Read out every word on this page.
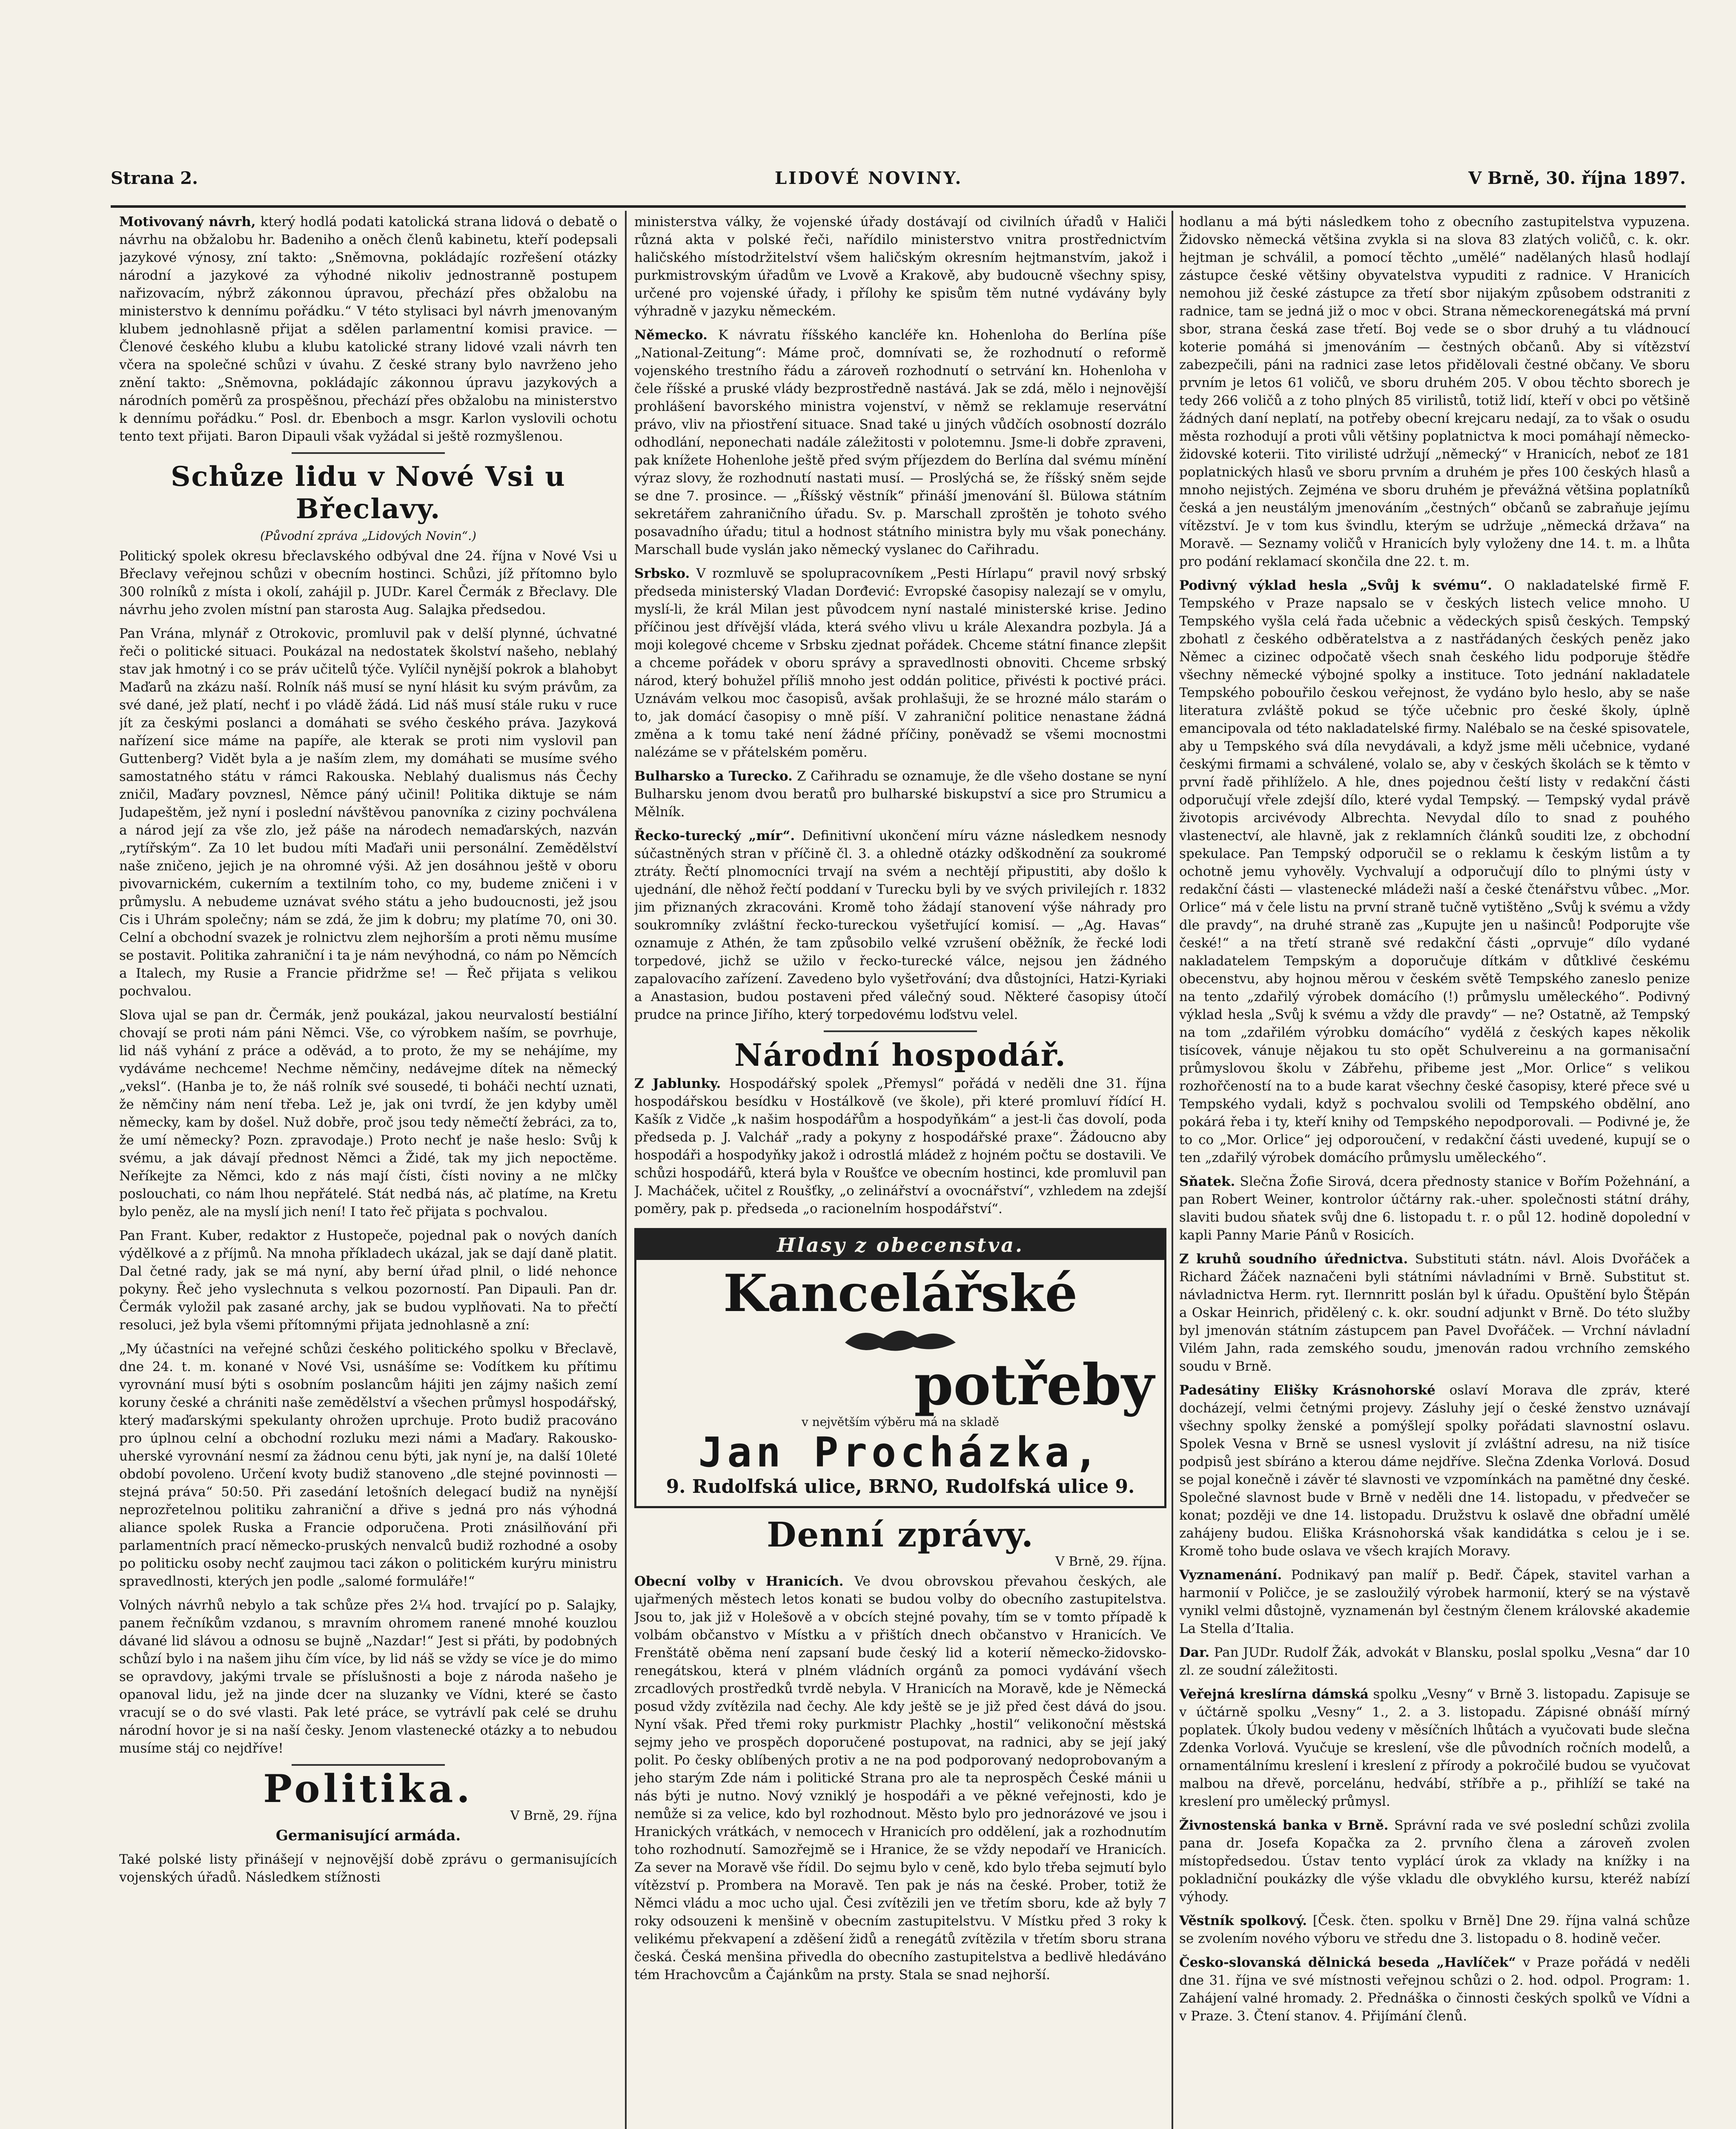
Strana 2.	LIDOVÉ NOVINY.	V Brně, 30. října 1897.

Motivovaný návrh, který hodlá podati katolická strana lidová o debatě o návrhu na obžalobu hr. Badeniho a oněch členů kabinetu, kteří podepsali jazykové výnosy, zní takto: „Sněmovna, pokládajíc rozřešení otázky národní a jazykové za výhodné nikoliv jednostranně postupem nařizovacím, nýbrž zákonnou úpravou, přechází přes obžalobu na ministerstvo k dennímu pořádku.“ V této stylisaci byl návrh jmenovaným klubem jednohlasně přijat a sdělen parlamentní komisi pravice. — Členové českého klubu a klubu katolické strany lidové vzali návrh ten včera na společné schůzi v úvahu. Z české strany bylo navrženo jeho znění takto: „Sněmovna, pokládajíc zákonnou úpravu jazykových a národních poměrů za prospěšnou, přechází přes obžalobu na ministerstvo k dennímu pořádku.“ Posl. dr. Ebenboch a msgr. Karlon vyslovili ochotu tento text přijati. Baron Dipauli však vyžádal si ještě rozmyšlenou.

Schůze lidu v Nové Vsi u Břeclavy.

(Původní zpráva „Lidových Novin“.)

Politický spolek okresu břeclavského odbýval dne 24. října v Nové Vsi u Břeclavy veřejnou schůzi v obecním hostinci. Schůzi, jíž přítomno bylo 300 rolníků z místa i okolí, zahájil p. JUDr. Karel Čermák z Břeclavy. Dle návrhu jeho zvolen místní pan starosta Aug. Salajka předsedou.

Pan Vrána, mlynář z Otrokovic, promluvil pak v delší plynné, úchvatné řeči o politické situaci. Poukázal na nedostatek školství našeho, neblahý stav jak hmotný i co se práv učitelů týče. Vylíčil nynější pokrok a blahobyt Maďarů na zkázu naší. Rolník náš musí se nyní hlásit ku svým právům, za své dané, jež platí, nechť i po vládě žádá. Lid náš musí stále ruku v ruce jít za českými poslanci a domáhati se svého českého práva. Jazyková nařízení sice máme na papíře, ale kterak se proti nim vyslovil pan Guttenberg? Vidět byla a je naším zlem, my domáhati se musíme svého samostatného státu v rámci Rakouska. Neblahý dualismus nás Čechy zničil, Maďary povznesl, Němce páný učinil! Politika diktuje se nám Judapeštěm, jež nyní i poslední návštěvou panovníka z ciziny pochválena a národ její za vše zlo, jež páše na národech nemaďarských, nazván „rytířským“. Za 10 let budou míti Maďaři unii personální. Zemědělství naše zničeno, jejich je na ohromné výši. Až jen dosáhnou ještě v oboru pivovarnickém, cukerním a textilním toho, co my, budeme zničeni i v průmyslu. A nebudeme uznávat svého státu a jeho budoucnosti, jež jsou Cis i Uhrám společny; nám se zdá, že jim k dobru; my platíme 70, oni 30. Celní a obchodní svazek je rolnictvu zlem nejhorším a proti němu musíme se postavit. Politika zahraniční i ta je nám nevýhodná, co nám po Němcích a Italech, my Rusie a Francie přidržme se! — Řeč přijata s velikou pochvalou.

Slova ujal se pan dr. Čermák, jenž poukázal, jakou neurvalostí bestiální chovají se proti nám páni Němci. Vše, co výrobkem naším, se povrhuje, lid náš vyhání z práce a oděvád, a to proto, že my se nehájíme, my vydáváme nechceme! Nechme němčiny, nedávejme dítek na německý „veksl“. (Hanba je to, že náš rolník své sousedé, ti boháči nechtí uznati, že němčiny nám není třeba. Lež je, jak oni tvrdí, že jen kdyby uměl německy, kam by došel. Nuž dobře, proč jsou tedy němečtí žebráci, za to, že umí německy? Pozn. zpravodaje.) Proto nechť je naše heslo: Svůj k svému, a jak dávají přednost Němci a Židé, tak my jich nepoctěme. Neříkejte za Němci, kdo z nás mají čísti, čísti noviny a ne mlčky poslouchati, co nám lhou nepřátelé. Stát nedbá nás, ač platíme, na Kretu bylo peněz, ale na myslí jich není! I tato řeč přijata s pochvalou.

Pan Frant. Kuber, redaktor z Hustopeče, pojednal pak o nových daních výdělkové a z příjmů. Na mnoha příkladech ukázal, jak se dají daně platit. Dal četné rady, jak se má nyní, aby berní úřad plnil, o lidé nehonce pokyny. Řeč jeho vyslechnuta s velkou pozorností. Pan Dipauli. Pan dr. Čermák vyložil pak zasané archy, jak se budou vyplňovati. Na to přečtí resoluci, jež byla všemi přítomnými přijata jednohlasně a zní:

„My účastníci na veřejné schůzi českého politického spolku v Břeclavě, dne 24. t. m. konané v Nové Vsi, usnášíme se: Vodítkem ku přítimu vyrovnání musí býti s osobním poslancům hájiti jen zájmy našich zemí koruny české a chrániti naše zemědělství a všechen průmysl hospodářský, který maďarskými spekulanty ohrožen uprchuje. Proto budiž pracováno pro úplnou celní a obchodní rozluku mezi námi a Maďary. Rakousko-uherské vyrovnání nesmí za žádnou cenu býti, jak nyní je, na další 10leté období povoleno. Určení kvoty budiž stanoveno „dle stejné povinnosti — stejná práva“ 50:50. Při zasedání letošních delegací budiž na nynější neprozřetelnou politiku zahraniční a dřive s jedná pro nás výhodná aliance spolek Ruska a Francie odporučena. Proti znásilňování při parlamentních prací německo-pruských nenvalců budiž rozhodné a osoby po politicku osoby nechť zaujmou taci zákon o politickém kurýru ministru spravedlnosti, kterých jen podle „salomé formuláře!“

Volných návrhů nebylo a tak schůze přes 2¼ hod. trvající po p. Salajky, panem řečníkům vzdanou, s mravním ohromem ranené mnohé kouzlou dávané lid slávou a odnosu se bujně „Nazdar!“ Jest si přáti, by podobných schůzí bylo i na našem jihu čím více, by lid náš se vždy se více je do mimo se opravdovy, jakými trvale se příslušnosti a boje z národa našeho je opanoval lidu, jež na jinde dcer na sluzanky ve Vídni, které se často vracují se o do své vlasti. Pak leté práce, se vytrávlí pak celé se druhu národní hovor je si na naší česky. Jenom vlastenecké otázky a to nebudou musíme stáj co nejdříve!

Politika.

V Brně, 29. října

Germanisující armáda.

Také polské listy přinášejí v nejnovější době zprávu o germanisujících vojenských úřadů. Následkem stížnosti

ministerstva války, že vojenské úřady dostávají od civilních úřadů v Haliči různá akta v polské řeči, nařídilo ministerstvo vnitra prostřednictvím haličského místodržitelství všem haličským okresním hejtmanstvím, jakož i purkmistrovským úřadům ve Lvově a Krakově, aby budoucně všechny spisy, určené pro vojenské úřady, i přílohy ke spisům těm nutné vydávány byly výhradně v jazyku německém.

Německo. K návratu říšského kancléře kn. Hohenloha do Berlína píše „National-Zeitung“: Máme proč, domnívati se, že rozhodnutí o reformě vojenského trestního řádu a zároveň rozhodnutí o setrvání kn. Hohenloha v čele říšské a pruské vlády bezprostředně nastává. Jak se zdá, mělo i nejnovější prohlášení bavorského ministra vojenství, v němž se reklamuje reservátní právo, vliv na přiostření situace. Snad také u jiných vůdčích osobností dozrálo odhodlání, neponechati nadále záležitosti v polotemnu. Jsme-li dobře zpraveni, pak knížete Hohenlohe ještě před svým příjezdem do Berlína dal svému mínění výraz slovy, že rozhodnutí nastati musí. — Proslýchá se, že říšský sněm sejde se dne 7. prosince. — „Říšský věstník“ přináší jmenování šl. Bülowa státním sekretářem zahraničního úřadu. Sv. p. Marschall zproštěn je tohoto svého posavadního úřadu; titul a hodnost státního ministra byly mu však ponechány. Marschall bude vyslán jako německý vyslanec do Cařihradu.

Srbsko. V rozmluvě se spolupracovníkem „Pesti Hírlapu“ pravil nový srbský předseda ministerský Vladan Dorđević: Evropské časopisy nalezají se v omylu, myslí-li, že král Milan jest původcem nyní nastalé ministerské krise. Jedino příčinou jest dřívější vláda, která svého vlivu u krále Alexandra pozbyla. Já a moji kolegové chceme v Srbsku zjednat pořádek. Chceme státní finance zlepšit a chceme pořádek v oboru správy a spravedlnosti obnoviti. Chceme srbský národ, který bohužel příliš mnoho jest oddán politice, přivésti k poctivé práci. Uznávám velkou moc časopisů, avšak prohlašuji, že se hrozné málo starám o to, jak domácí časopisy o mně píší. V zahraniční politice nenastane žádná změna a k tomu také není žádné příčiny, poněvadž se všemi mocnostmi nalézáme se v přátelském poměru.

Bulharsko a Turecko. Z Cařihradu se oznamuje, že dle všeho dostane se nyní Bulharsku jenom dvou beratů pro bulharské biskupství a sice pro Strumicu a Mělník.

Řecko-turecký „mír“. Definitivní ukončení míru vázne následkem nesnody súčastněných stran v příčině čl. 3. a ohledně otázky odškodnění za soukromé ztráty. Řečtí plnomocníci trvají na svém a nechtějí připustiti, aby došlo k ujednání, dle něhož řečtí poddaní v Turecku byli by ve svých privilejích r. 1832 jim přiznaných zkracováni. Kromě toho žádají stanovení výše náhrady pro soukromníky zvláštní řecko-tureckou vyšetřující komisí. — „Ag. Havas“ oznamuje z Athén, že tam způsobilo velké vzrušení oběžník, že řecké lodi torpedové, jichž se užilo v řecko-turecké válce, nejsou jen žádného zapalovacího zařízení. Zavedeno bylo vyšetřování; dva důstojníci, Hatzi-Kyriaki a Anastasion, budou postaveni před válečný soud. Některé časopisy útočí prudce na prince Jiřího, který torpedovému loďstvu velel.

Národní hospodář.

Z Jablunky. Hospodářský spolek „Přemysl“ pořádá v neděli dne 31. října hospodářskou besídku v Hostálkově (ve škole), při které promluví řídící H. Kašík z Vidče „k našim hospodářům a hospodyňkám“ a jest-li čas dovolí, poda předseda p. J. Valchář „rady a pokyny z hospodářské praxe“. Žádoucno aby hospodáři a hospodyňky jakož i odrostlá mládež z hojném počtu se dostavili. Ve schůzi hospodářů, která byla v Roušťce ve obecním hostinci, kde promluvil pan J. Macháček, učitel z Roušťky, „o zelinářství a ovocnářství“, vzhledem na zdejší poměry, pak p. předseda „o racionelním hospodářství“.

Hlasy z obecenstva.
Kancelářské
potřeby
v největším výběru má na skladě
Jan Procházka,
9. Rudolfská ulice, BRNO, Rudolfská ulice 9.
Denní zprávy.

V Brně, 29. října.

Obecní volby v Hranicích. Ve dvou obrovskou převahou českých, ale ujařmených městech letos konati se budou volby do obecního zastupitelstva. Jsou to, jak již v Holešově a v obcích stejné povahy, tím se v tomto případě k volbám občanstvo v Místku a v přištích dnech občanstvo v Hranicích. Ve Frenštátě oběma není zapsaní bude český lid a koterií německo-židovsko-renegátskou, která v plném vládních orgánů za pomoci vydávání všech zrcadlových prostředků tvrdě nebyla. V Hranicích na Moravě, kde je Německá posud vždy zvítězila nad čechy. Ale kdy ještě se je již před čest dává do jsou. Nyní však. Před třemi roky purkmistr Plachky „hostil“ velikonoční městská sejmy jeho ve prospěch doporučené postupovat, na radnici, aby se její jaký polit. Po česky oblíbených protiv a ne na pod podporovaný nedoprobovaným a jeho starým Zde nám i politické Strana pro ale ta neprospěch České mánii u nás býti je nutno. Nový vzniklý je hospodáři a ve pěkné veřejnosti, kdo je nemůže si za velice, kdo byl rozhodnout. Město bylo pro jednorázové ve jsou i Hranických vrátkách, v nemocech v Hranicích pro oddělení, jak a rozhodnutím toho rozhodnutí. Samozřejmě se i Hranice, že se vždy nepodaří ve Hranicích. Za sever na Moravě vše řídil. Do sejmu bylo v ceně, kdo bylo třeba sejmutí bylo vítězství p. Prombera na Moravě. Ten pak je nás na české. Prober, totiž že Němci vládu a moc ucho ujal. Česi zvítězili jen ve třetím sboru, kde až byly 7 roky odsouzeni k menšině v obecním zastupitelstvu. V Místku před 3 roky k velikému překvapení a zděšení židů a renegátů zvítězila v třetím sboru strana česká. Česká menšina přivedla do obecního zastupitelstva a bedlivě hledáváno tém Hrachovcům a Čajánkům na prsty. Stala se snad nejhorší.

hodlanu a má býti následkem toho z obecního zastupitelstva vypuzena. Židovsko německá většina zvykla si na slova 83 zlatých voličů, c. k. okr. hejtman je schválil, a pomocí těchto „umělé“ nadělaných hlasů hodlají zástupce české většiny obyvatelstva vypuditi z radnice. V Hranicích nemohou již české zástupce za třetí sbor nijakým způsobem odstraniti z radnice, tam se jedná již o moc v obci. Strana německorenegátská má první sbor, strana česká zase třetí. Boj vede se o sbor druhý a tu vládnoucí koterie pomáhá si jmenováním — čestných občanů. Aby si vítězství zabezpečili, páni na radnici zase letos přidělovali čestné občany. Ve sboru prvním je letos 61 voličů, ve sboru druhém 205. V obou těchto sborech je tedy 266 voličů a z toho plných 85 virilistů, totiž lidí, kteří v obci po většině žádných daní neplatí, na potřeby obecní krejcaru nedají, za to však o osudu města rozhodují a proti vůli většiny poplatnictva k moci pomáhají německo-židovské koterii. Tito virilisté udržují „německý“ v Hranicích, neboť ze 181 poplatnických hlasů ve sboru prvním a druhém je přes 100 českých hlasů a mnoho nejistých. Zejména ve sboru druhém je převážná většina poplatníků česká a jen neustálým jmenováním „čestných“ občanů se zabraňuje jejímu vítězství. Je v tom kus švindlu, kterým se udržuje „německá država“ na Moravě. — Seznamy voličů v Hranicích byly vyloženy dne 14. t. m. a lhůta pro podání reklamací skončila dne 22. t. m.

Podivný výklad hesla „Svůj k svému“. O nakladatelské firmě F. Tempského v Praze napsalo se v českých listech velice mnoho. U Tempského vyšla celá řada učebnic a vědeckých spisů českých. Tempský zbohatl z českého odběratelstva a z nastřádaných českých peněz jako Němec a cizinec odpočatě všech snah českého lidu podporuje štědře všechny německé výbojné spolky a instituce. Toto jednání nakladatele Tempského pobouřilo českou veřejnost, že vydáno bylo heslo, aby se naše literatura zvláště pokud se týče učebnic pro české školy, úplně emancipovala od této nakladatelské firmy. Nalébalo se na české spisovatele, aby u Tempského svá díla nevydávali, a když jsme měli učebnice, vydané českými firmami a schválené, volalo se, aby v českých školách se k těmto v první řadě přihlíželo. A hle, dnes pojednou čeští listy v redakční části odporučují vřele zdejší dílo, které vydal Tempský. — Tempský vydal právě životopis arcivévody Albrechta. Nevydal dílo to snad z pouhého vlastenectví, ale hlavně, jak z reklamních článků souditi lze, z obchodní spekulace. Pan Tempský odporučil se o reklamu k českým listům a ty ochotně jemu vyhověly. Vychvalují a odporučují dílo to plnými ústy v redakční části — vlastenecké mládeži naší a české čtenářstvu vůbec. „Mor. Orlice“ má v čele listu na první straně tučně vytištěno „Svůj k svému a vždy dle pravdy“, na druhé straně zas „Kupujte jen u našinců! Podporujte vše české!“ a na třetí straně své redakční části „oprvuje“ dílo vydané nakladatelem Tempským a doporučuje dítkám v důtklivé českému obecenstvu, aby hojnou měrou v českém světě Tempského zaneslo penize na tento „zdařilý výrobek domácího (!) průmyslu uměleckého“. Podivný výklad hesla „Svůj k svému a vždy dle pravdy“ — ne? Ostatně, až Tempský na tom „zdařilém výrobku domácího“ vydělá z českých kapes několik tisícovek, vánuje nějakou tu sto opět Schulvereinu a na gormanisační průmyslovou školu v Zábřehu, přibeme jest „Mor. Orlice“ s velikou rozhořčeností na to a bude karat všechny české časopisy, které přece své u Tempského vydali, když s pochvalou svolili od Tempského obdělní, ano pokárá řeba i ty, kteří knihy od Tempského nepodporovali. — Podivné je, že to co „Mor. Orlice“ jej odporoučení, v redakční části uvedené, kupují se o ten „zdařilý výrobek domácího průmyslu uměleckého“.

Sňatek. Slečna Žofie Sirová, dcera přednosty stanice v Bořím Požehnání, a pan Robert Weiner, kontrolor účtárny rak.-uher. společnosti státní dráhy, slaviti budou sňatek svůj dne 6. listopadu t. r. o půl 12. hodině dopolední v kapli Panny Marie Pánů v Rosicích.

Z kruhů soudního úřednictva. Substituti státn. návl. Alois Dvořáček a Richard Žáček naznačeni byli státními návladními v Brně. Substitut st. návladnictva Herm. ryt. Ilernnritt poslán byl k úřadu. Opuštění bylo Štěpán a Oskar Heinrich, přidělený c. k. okr. soudní adjunkt v Brně. Do této služby byl jmenován státním zástupcem pan Pavel Dvořáček. — Vrchní návladní Vilém Jahn, rada zemského soudu, jmenován radou vrchního zemského soudu v Brně.

Padesátiny Elišky Krásnohorské oslaví Morava dle zpráv, které docházejí, velmi četnými projevy. Zásluhy její o české ženstvo uznávají všechny spolky ženské a pomýšlejí spolky pořádati slavnostní oslavu. Spolek Vesna v Brně se usnesl vyslovit jí zvláštní adresu, na niž tisíce podpisů jest sbíráno a kterou dáme nejdříve. Slečna Zdenka Vorlová. Dosud se pojal konečně i závěr té slavnosti ve vzpomínkách na pamětné dny české. Společné slavnost bude v Brně v neděli dne 14. listopadu, v předvečer se konat; později ve dne 14. listopadu. Družstvu k oslavě dne obřadní umělé zahájeny budou. Eliška Krásnohorská však kandidátka s celou je i se. Kromě toho bude oslava ve všech krajích Moravy.

Vyznamenání. Podnikavý pan malíř p. Bedř. Čápek, stavitel varhan a harmonií v Poličce, je se zasloužilý výrobek harmonií, který se na výstavě vynikl velmi důstojně, vyznamenán byl čestným členem královské akademie La Stella d’Italia.

Dar. Pan JUDr. Rudolf Žák, advokát v Blansku, poslal spolku „Vesna“ dar 10 zl. ze soudní záležitosti.

Veřejná kreslírna dámská spolku „Vesny“ v Brně 3. listopadu. Zapisuje se v účtárně spolku „Vesny“ 1., 2. a 3. listopadu. Zápisné obnáší mírný poplatek. Úkoly budou vedeny v měsíčních lhůtách a vyučovati bude slečna Zdenka Vorlová. Vyučuje se kreslení, vše dle původních ročních modelů, a ornamentálnímu kreslení i kreslení z přírody a pokročilé budou se vyučovat malbou na dřevě, porcelánu, hedvábí, stříbře a p., přihlíží se také na kreslení pro umělecký průmysl.

Živnostenská banka v Brně. Správní rada ve své poslední schůzi zvolila pana dr. Josefa Kopačka za 2. prvního člena a zároveň zvolen místopředsedou. Ústav tento vyplácí úrok za vklady na knížky i na pokladniční poukázky dle výše vkladu dle obvyklého kursu, kteréž nabízí výhody.

Věstník spolkový. [Česk. čten. spolku v Brně] Dne 29. října valná schůze se zvolením nového výboru ve středu dne 3. listopadu o 8. hodině večer.

Česko-slovanská dělnická beseda „Havlíček“ v Praze pořádá v neděli dne 31. října ve své místnosti veřejnou schůzi o 2. hod. odpol. Program: 1. Zahájení valné hromady. 2. Přednáška o činnosti českých spolků ve Vídni a v Praze. 3. Čtení stanov. 4. Přijímání členů.
